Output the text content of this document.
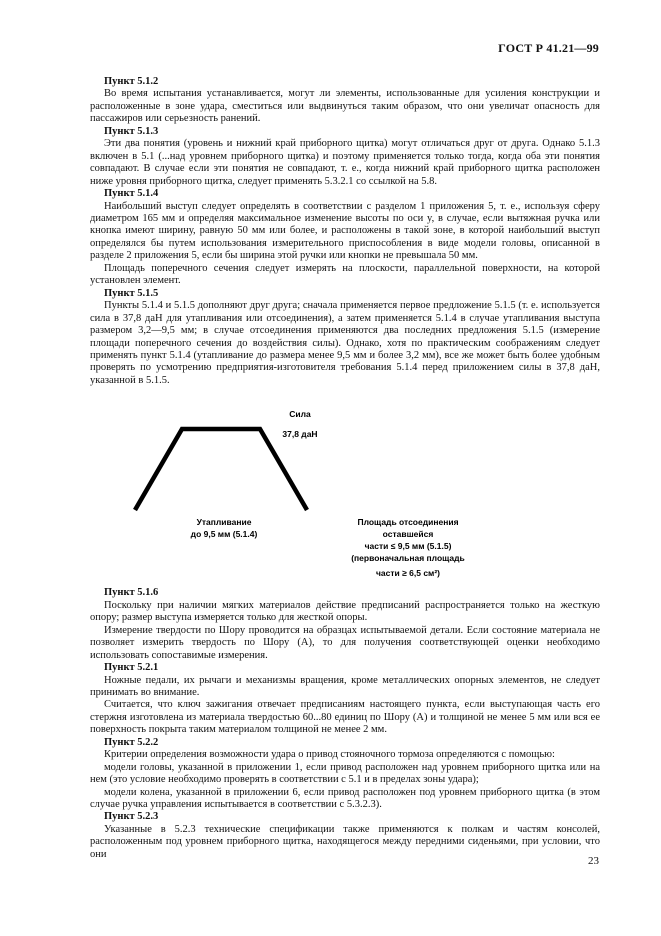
ГОСТ Р 41.21—99
Пункт 5.1.2
Во время испытания устанавливается, могут ли элементы, использованные для усиления конструкции и расположенные в зоне удара, сместиться или выдвинуться таким образом, что они увеличат опасность для пассажиров или серьезность ранений.
Пункт 5.1.3
Эти два понятия (уровень и нижний край приборного щитка) могут отличаться друг от друга. Однако 5.1.3 включен в 5.1 (...над уровнем приборного щитка) и поэтому применяется только тогда, когда оба эти понятия совпадают. В случае если эти понятия не совпадают, т. е., когда нижний край приборного щитка расположен ниже уровня приборного щитка, следует применять 5.3.2.1 со ссылкой на 5.8.
Пункт 5.1.4
Наибольший выступ следует определять в соответствии с разделом 1 приложения 5, т. е., используя сферу диаметром 165 мм и определяя максимальное изменение высоты по оси y, в случае, если вытяжная ручка или кнопка имеют ширину, равную 50 мм или более, и расположены в такой зоне, в которой наибольший выступ определялся бы путем использования измерительного приспособления в виде модели головы, описанной в разделе 2 приложения 5, если бы ширина этой ручки или кнопки не превышала 50 мм.
Площадь поперечного сечения следует измерять на плоскости, параллельной поверхности, на которой установлен элемент.
Пункт 5.1.5
Пункты 5.1.4 и 5.1.5 дополняют друг друга; сначала применяется первое предложение 5.1.5 (т. е. используется сила в 37,8 даН для утапливания или отсоединения), а затем применяется 5.1.4 в случае утапливания выступа размером 3,2—9,5 мм; в случае отсоединения применяются два последних предложения 5.1.5 (измерение площади поперечного сечения до воздействия силы). Однако, хотя по практическим соображениям следует применять пункт 5.1.4 (утапливание до размера менее 9,5 мм и более 3,2 мм), все же может быть более удобным проверять по усмотрению предприятия-изготовителя требования 5.1.4 перед приложением силы в 37,8 даН, указанной в 5.1.5.
Сила
37,8 даН
Утапливание
до 9,5 мм (5.1.4)
Площадь отсоединения
оставшейся
части ≤ 9,5 мм (5.1.5)
(первоначальная площадь
части ≥ 6,5 см²)
Пункт 5.1.6
Поскольку при наличии мягких материалов действие предписаний распространяется только на жесткую опору; размер выступа измеряется только для жесткой опоры.
Измерение твердости по Шору проводится на образцах испытываемой детали. Если состояние материала не позволяет измерить твердость по Шору (А), то для получения соответствующей оценки необходимо использовать сопоставимые измерения.
Пункт 5.2.1
Ножные педали, их рычаги и механизмы вращения, кроме металлических опорных элементов, не следует принимать во внимание.
Считается, что ключ зажигания отвечает предписаниям настоящего пункта, если выступающая часть его стержня изготовлена из материала твердостью 60...80 единиц по Шору (А) и толщиной не менее 5 мм или вся ее поверхность покрыта таким материалом толщиной не менее 2 мм.
Пункт 5.2.2
Критерии определения возможности удара о привод стояночного тормоза определяются с помощью:
модели головы, указанной в приложении 1, если привод расположен над уровнем приборного щитка или на нем (это условие необходимо проверять в соответствии с 5.1 и в пределах зоны удара);
модели колена, указанной в приложении 6, если привод расположен под уровнем приборного щитка (в этом случае ручка управления испытывается в соответствии с 5.3.2.3).
Пункт 5.2.3
Указанные в 5.2.3 технические спецификации также применяются к полкам и частям консолей, расположенным под уровнем приборного щитка, находящегося между передними сиденьями, при условии, что они
23
